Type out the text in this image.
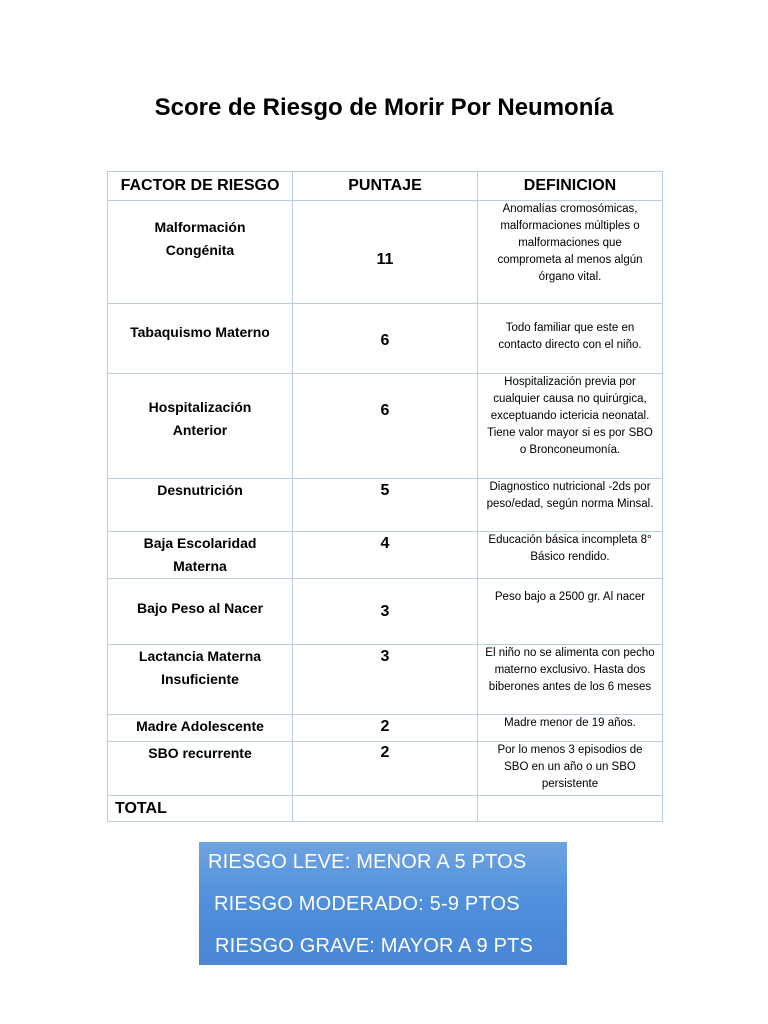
Score de Riesgo de Morir Por Neumonía
FACTOR DE RIESGO	PUNTAJE	DEFINICION

Malformación Congénita	11	Anomalías cromosómicas, malformaciones múltiples o malformaciones que comprometa al menos algún órgano vital.

Tabaquismo Materno	6	Todo familiar que este en contacto directo con el niño.

Hospitalización Anterior	6	Hospitalización previa por cualquier causa no quirúrgica, exceptuando ictericia neonatal. Tiene valor mayor si es por SBO o Bronconeumonía.

Desnutrición	5	Diagnostico nutricional -2ds por peso/edad, según norma Minsal.

Baja Escolaridad Materna	4	Educación básica incompleta 8° Básico rendido.

Bajo Peso al Nacer	3	Peso bajo a 2500 gr. Al nacer

Lactancia Materna Insuficiente	3	El niño no se alimenta con pecho materno exclusivo. Hasta dos biberones antes de los 6 meses

Madre Adolescente	2	Madre menor de 19 años.

SBO recurrente	2	Por lo menos 3 episodios de SBO en un año o un SBO persistente

TOTAL		
RIESGO LEVE: MENOR A 5 PTOS
RIESGO MODERADO: 5-9 PTOS
RIESGO GRAVE: MAYOR A 9 PTS
